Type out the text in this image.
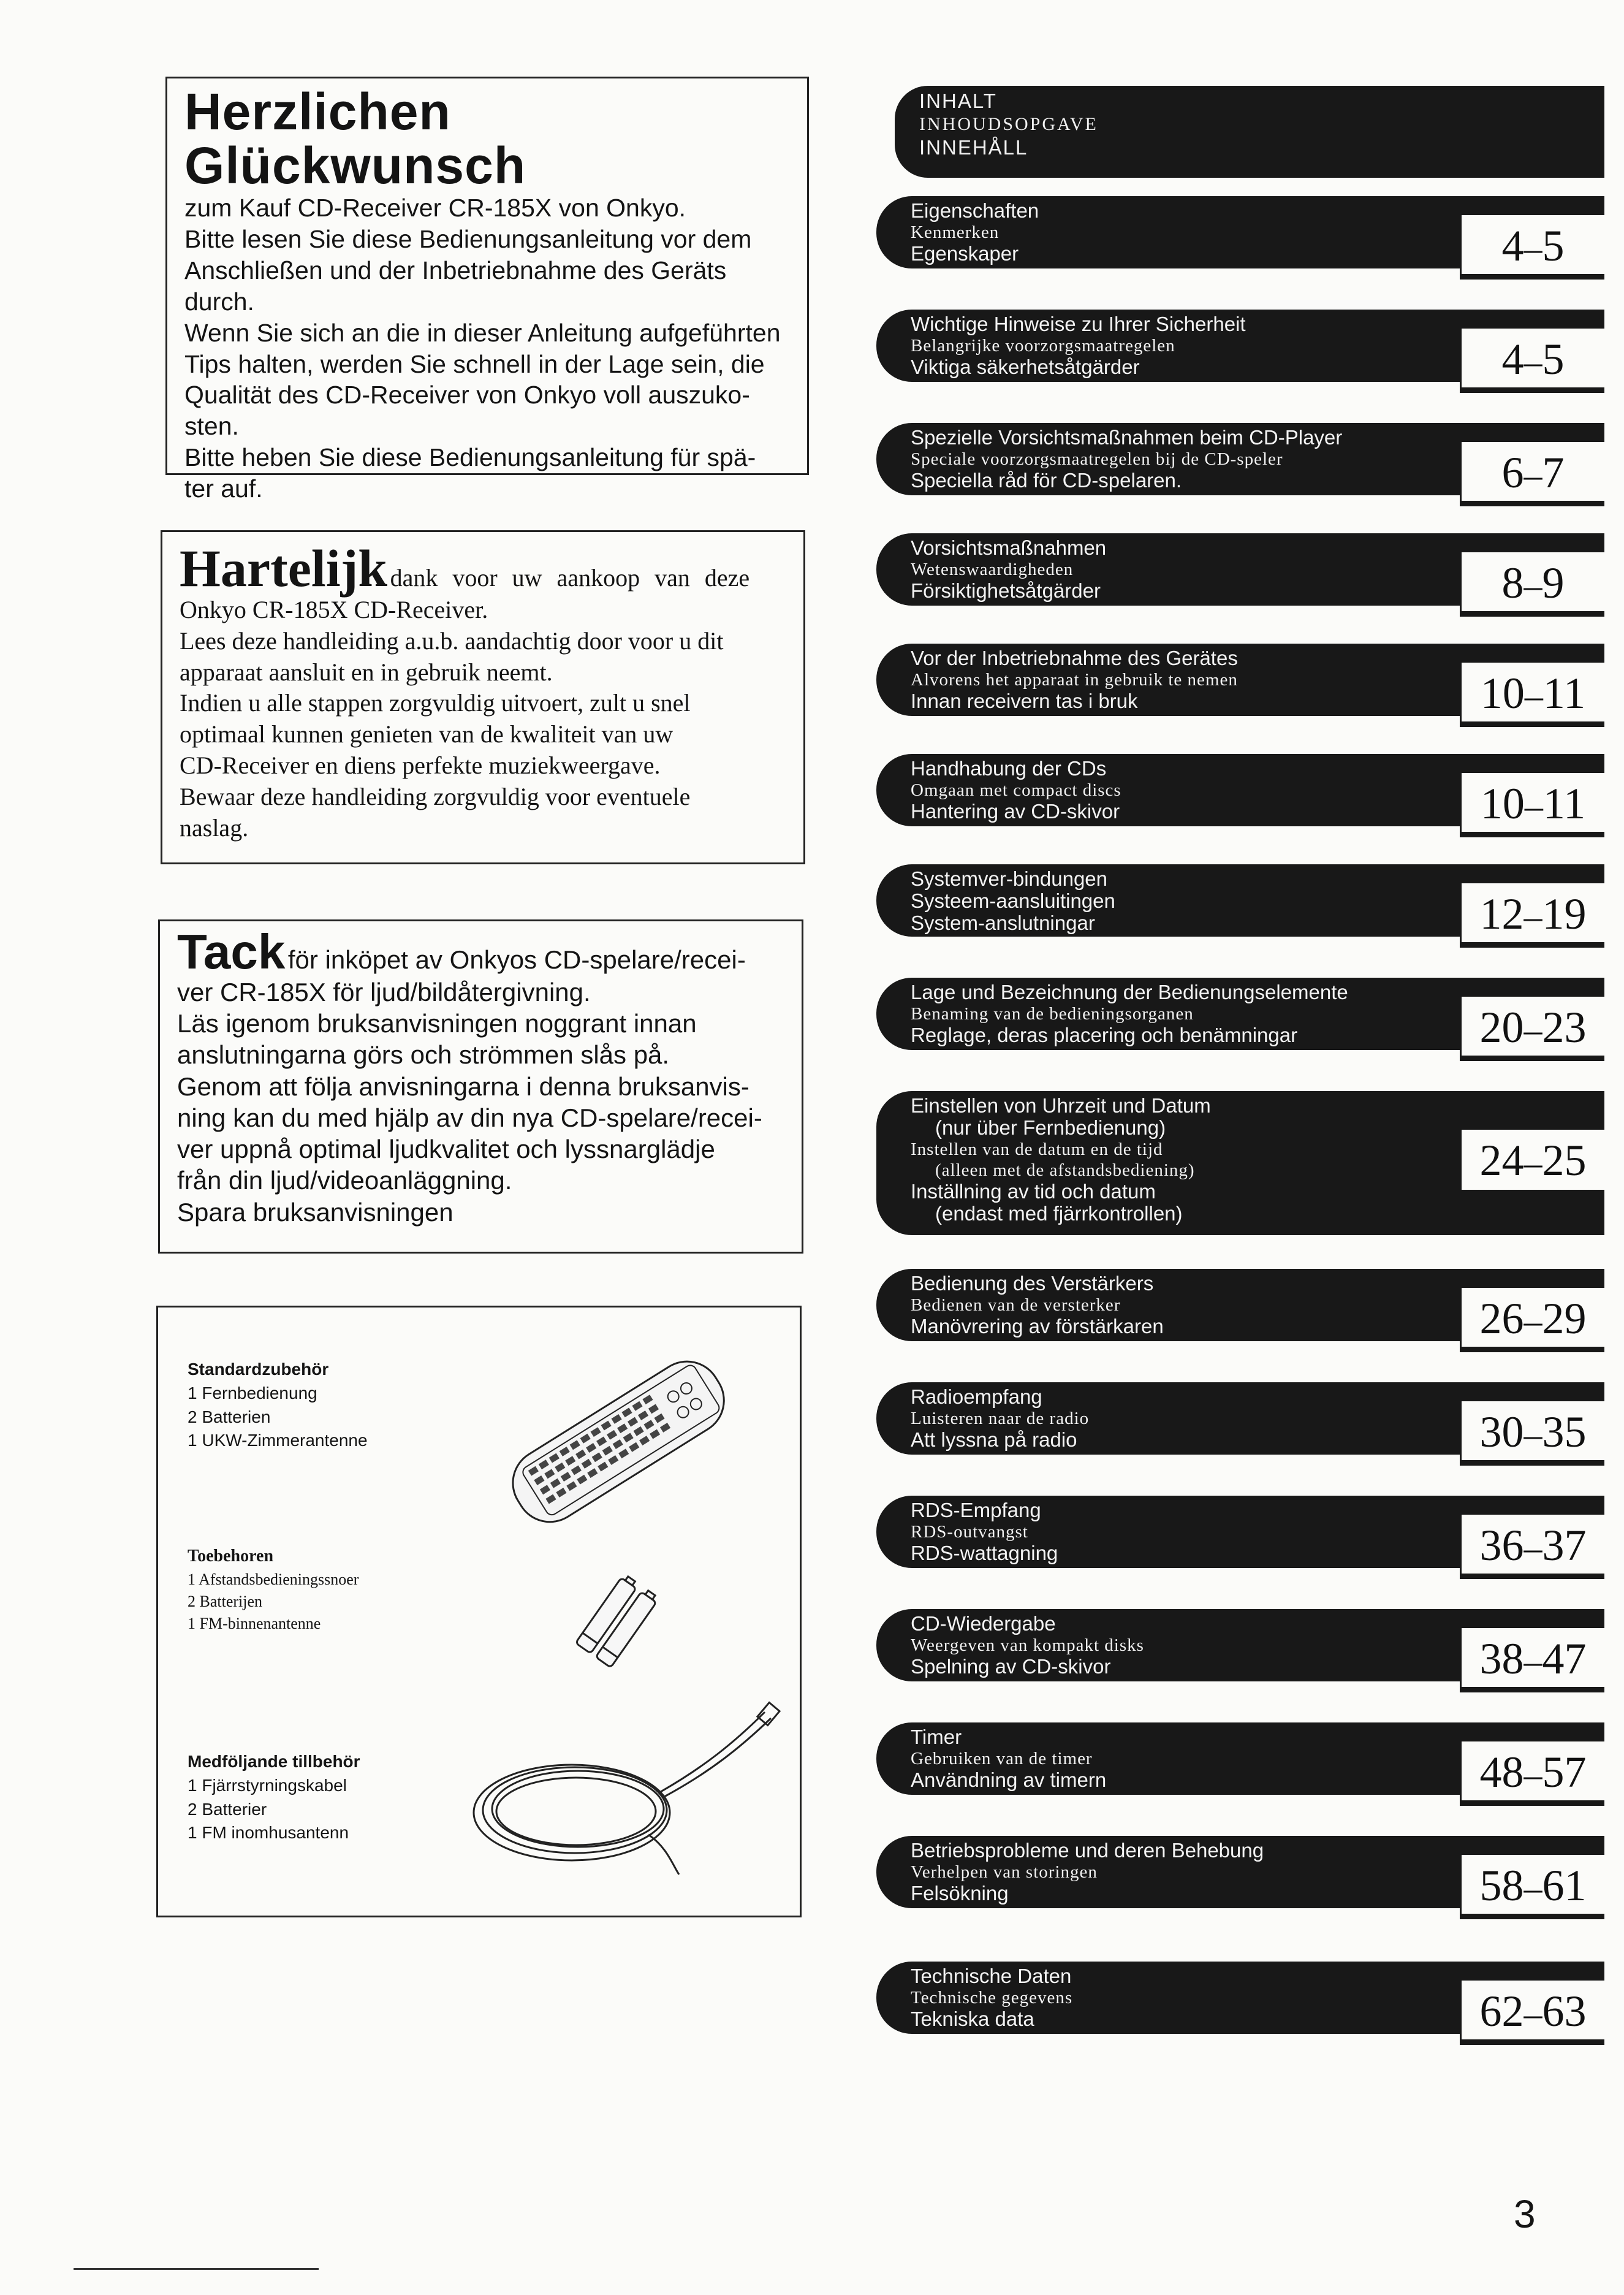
Herzlichen Glückwunsch
zum Kauf CD-Receiver CR-185X von Onkyo.
Bitte lesen Sie diese Bedienungsanleitung vor dem
Anschließen und der Inbetriebnahme des Geräts
durch.
Wenn Sie sich an die in dieser Anleitung aufgeführten
Tips halten, werden Sie schnell in der Lage sein, die
Qualität des CD-Receiver von Onkyo voll auszuko-
sten.
Bitte heben Sie diese Bedienungsanleitung für spä-
ter auf.
Hartelijk dank voor uw aankoop van deze
Onkyo CR-185X CD-Receiver.
Lees deze handleiding a.u.b. aandachtig door voor u dit
apparaat aansluit en in gebruik neemt.
Indien u alle stappen zorgvuldig uitvoert, zult u snel
optimaal kunnen genieten van de kwaliteit van uw
CD-Receiver en diens perfekte muziekweergave.
Bewaar deze handleiding zorgvuldig voor eventuele
naslag.
Tack för inköpet av Onkyos CD-spelare/recei-
ver CR-185X för ljud/bildåtergivning.
Läs igenom bruksanvisningen noggrant innan
anslutningarna görs och strömmen slås på.
Genom att följa anvisningarna i denna bruksanvis-
ning kan du med hjälp av din nya CD-spelare/recei-
ver uppnå optimal ljudkvalitet och lyssnarglädje
från din ljud/videoanläggning.
Spara bruksanvisningen
Standardzubehör
1 Fernbedienung
2 Batterien
1 UKW-Zimmerantenne
Toebehoren
1 Afstandsbedieningssnoer
2 Batterijen
1 FM-binnenantenne
Medföljande tillbehör
1 Fjärrstyrningskabel
2 Batterier
1 FM inomhusantenn
INHALT
INHOUDSOPGAVE
INNEHÅLL
Eigenschaften
Kenmerken
Egenskaper	4–5
Wichtige Hinweise zu Ihrer Sicherheit
Belangrijke voorzorgsmaatregelen
Viktiga säkerhetsåtgärder	4–5
Spezielle Vorsichtsmaßnahmen beim CD-Player
Speciale voorzorgsmaatregelen bij de CD-speler
Speciella råd för CD-spelaren.	6–7
Vorsichtsmaßnahmen
Wetenswaardigheden
Försiktighetsåtgärder	8–9
Vor der Inbetriebnahme des Gerätes
Alvorens het apparaat in gebruik te nemen
Innan receivern tas i bruk	10–11
Handhabung der CDs
Omgaan met compact discs
Hantering av CD-skivor	10–11
Systemver-bindungen
Systeem-aansluitingen
System-anslutningar	12–19
Lage und Bezeichnung der Bedienungselemente
Benaming van de bedieningsorganen
Reglage, deras placering och benämningar	20–23
Einstellen von Uhrzeit und Datum
(nur über Fernbedienung)
Instellen van de datum en de tijd
(alleen met de afstandsbediening)
Inställning av tid och datum
(endast med fjärrkontrollen)
24–25
Bedienung des Verstärkers
Bedienen van de versterker
Manövrering av förstärkaren	26–29
Radioempfang
Luisteren naar de radio
Att lyssna på radio	30–35
RDS-Empfang
RDS-outvangst
RDS-wattagning	36–37
CD-Wiedergabe
Weergeven van kompakt disks
Spelning av CD-skivor	38–47
Timer
Gebruiken van de timer
Användning av timern	48–57
Betriebsprobleme und deren Behebung
Verhelpen van storingen
Felsökning	58–61
Technische Daten
Technische gegevens
Tekniska data	62–63
3
